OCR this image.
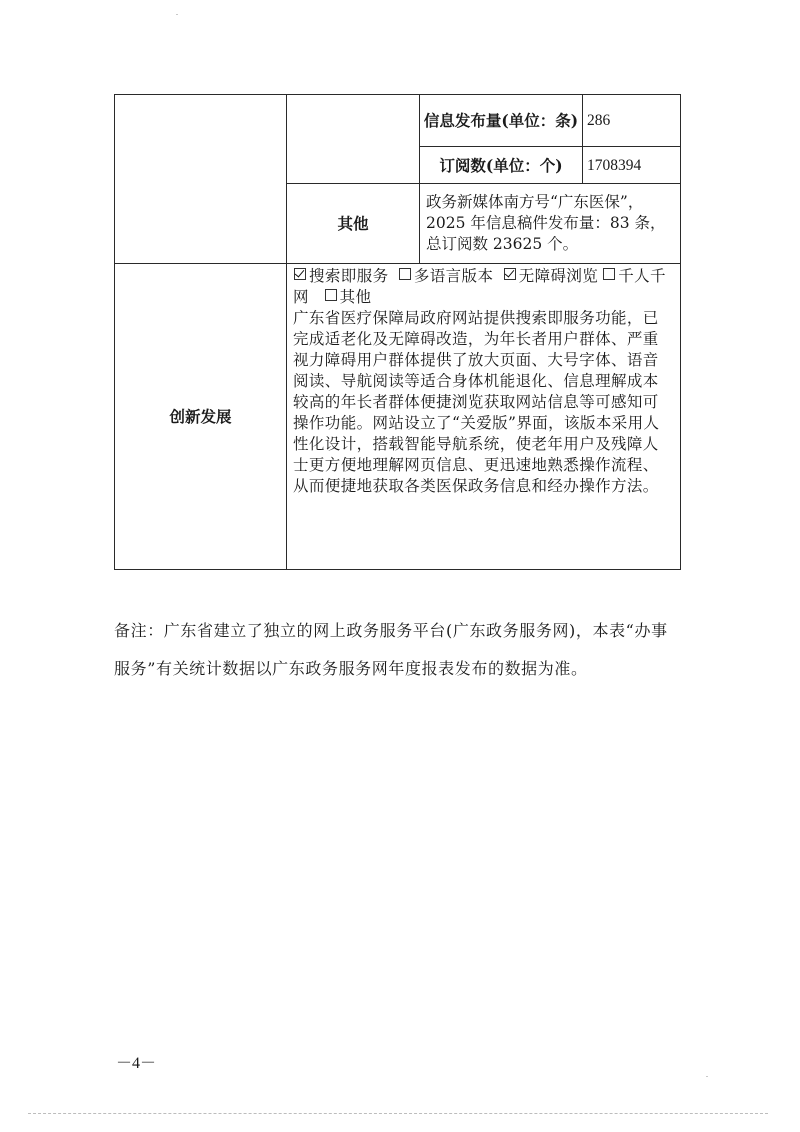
		信息发布量(单位：条)	286
		订阅数(单位：个)	1708394
	其他	政务新媒体南方号“广东医保”，2025 年信息稿件发布量：83 条，总订阅数 23625 个。	
创新发展	搜索即服务 多语言版本 无障碍浏览 千人千网 其他
广东省医疗保障局政府网站提供搜索即服务功能，已完成适老化及无障碍改造，为年长者用户群体、严重视力障碍用户群体提供了放大页面、大号字体、语音阅读、导航阅读等适合身体机能退化、信息理解成本较高的年长者群体便捷浏览获取网站信息等可感知可操作功能。网站设立了“关爱版”界面，该版本采用人性化设计，搭载智能导航系统，使老年用户及残障人士更方便地理解网页信息、更迅速地熟悉操作流程、从而便捷地获取各类医保政务信息和经办操作方法。		
备注：广东省建立了独立的网上政务服务平台(广东政务服务网)，本表“办事服务”有关统计数据以广东政务服务网年度报表发布的数据为准。
－4－
